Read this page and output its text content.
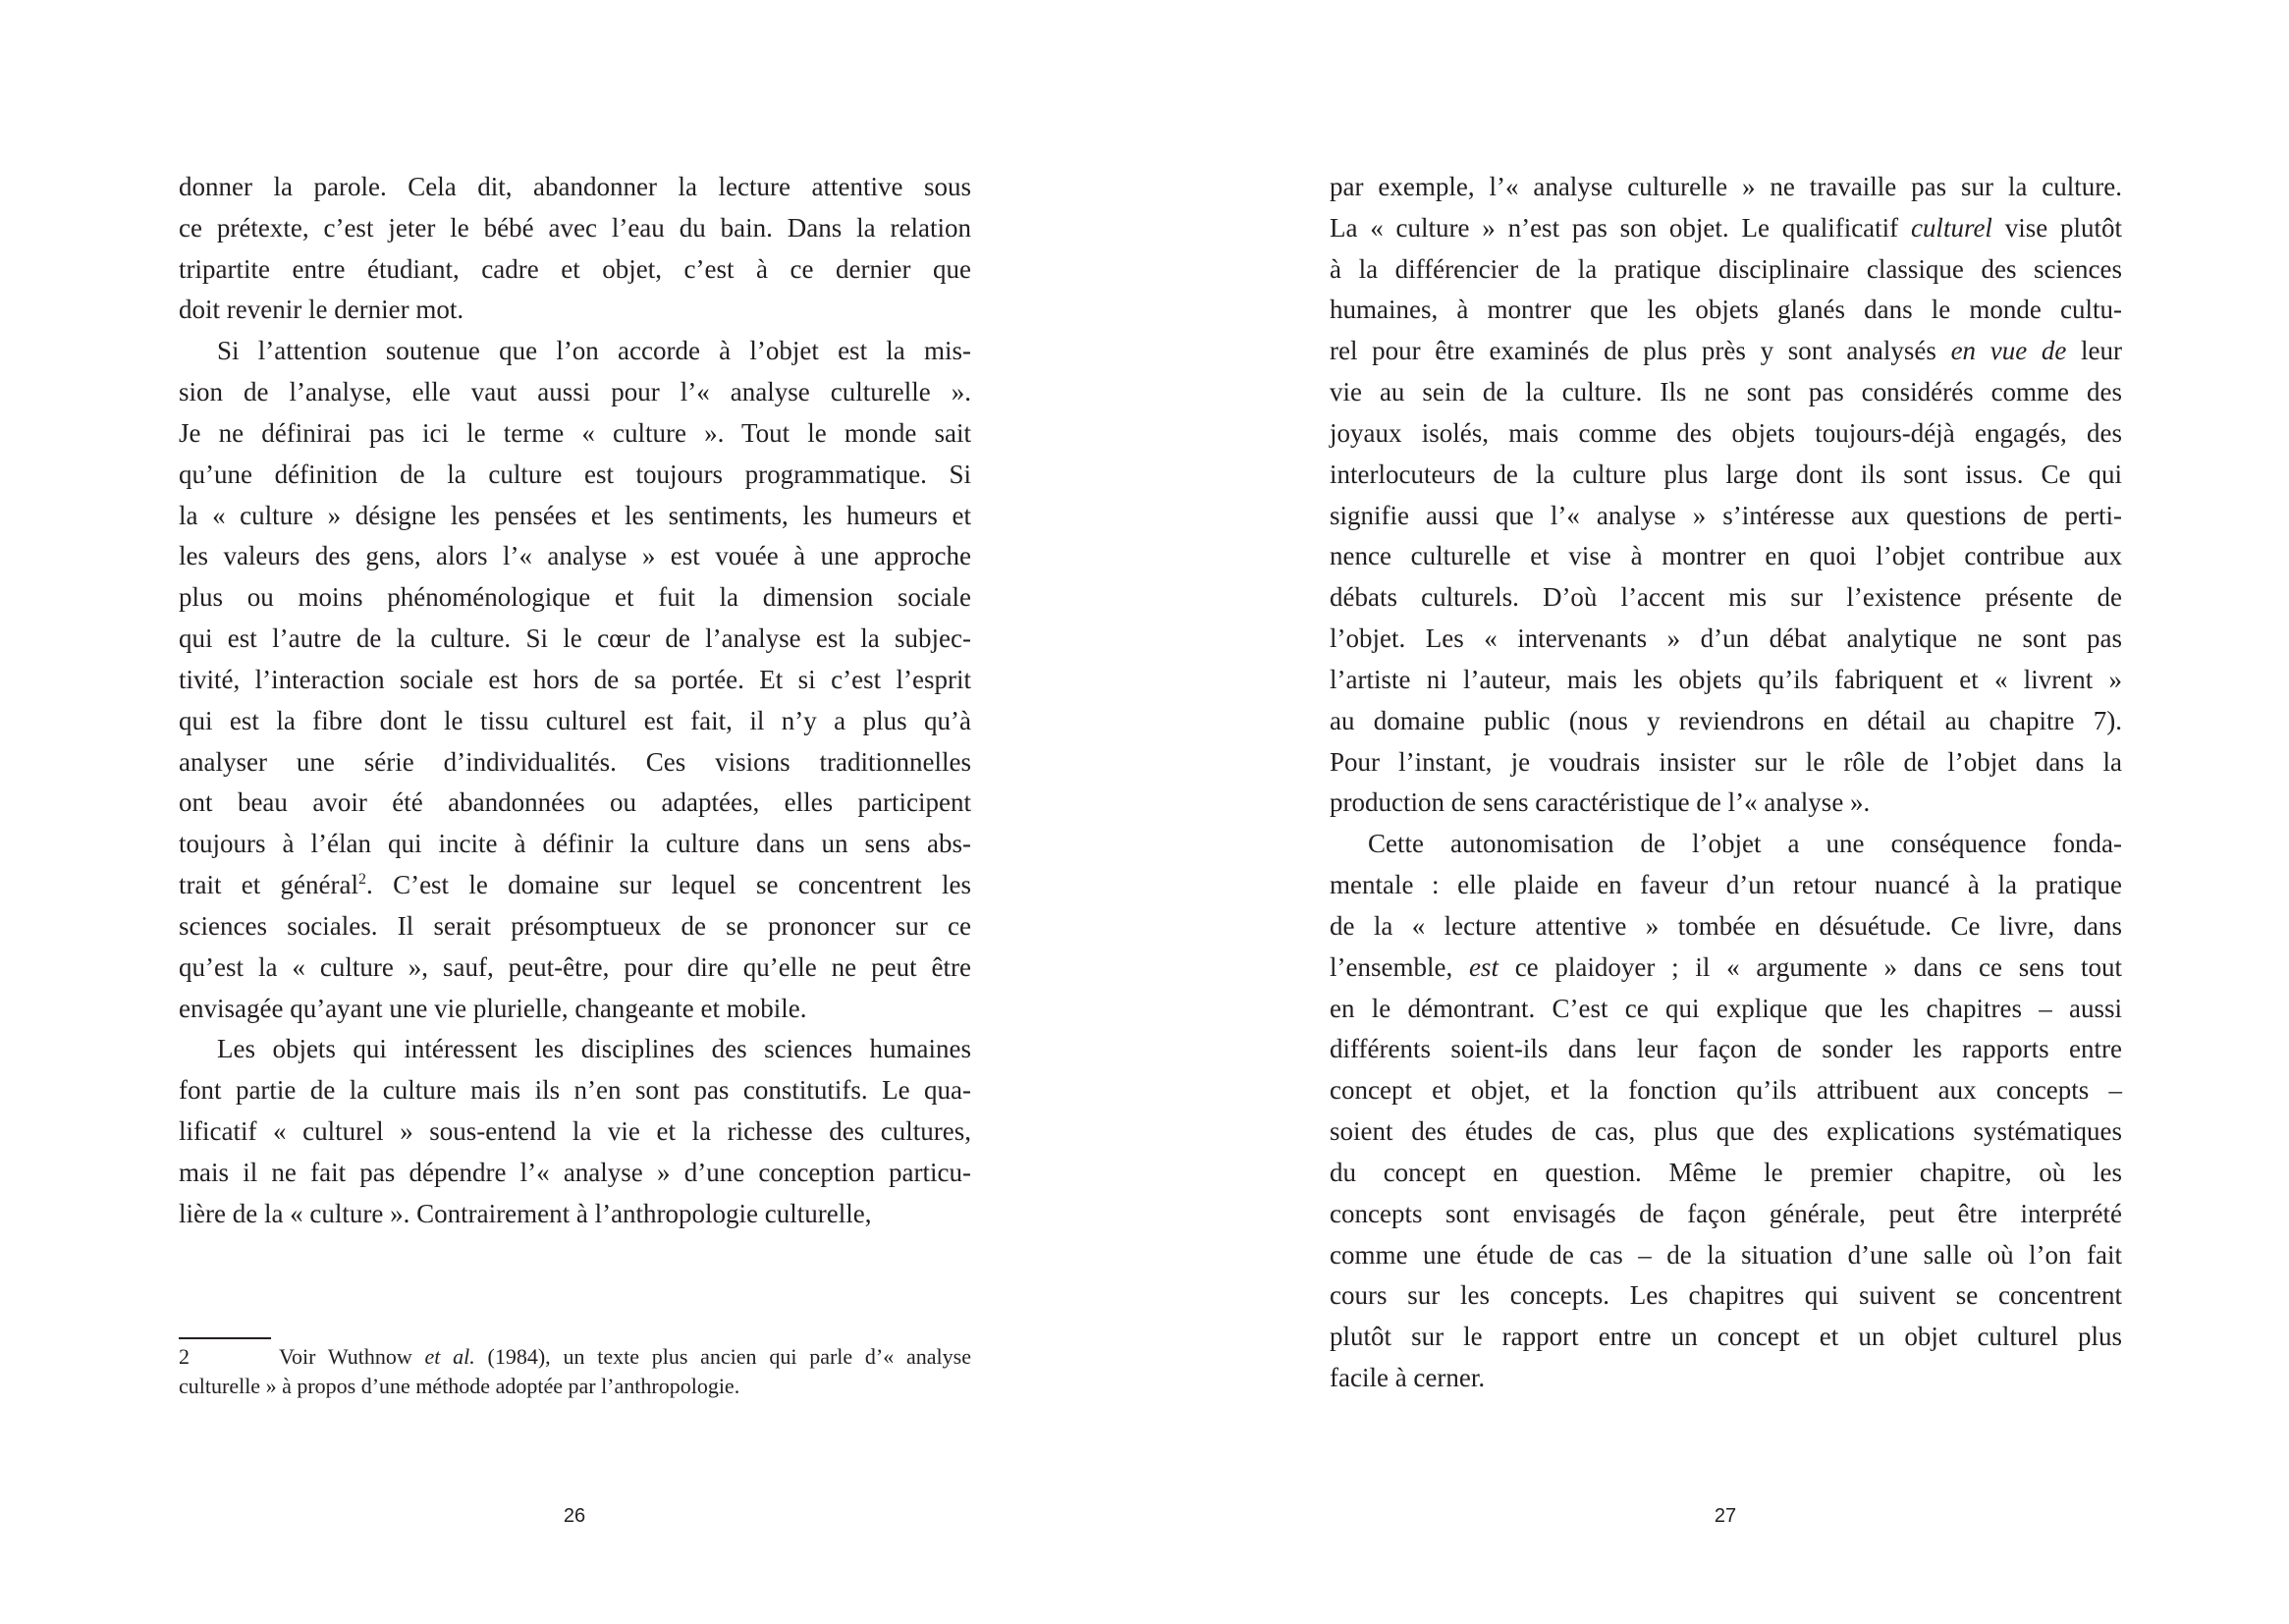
donner la parole. Cela dit, abandonner la lecture attentive sous
ce prétexte, c’est jeter le bébé avec l’eau du bain. Dans la relation
tripartite entre étudiant, cadre et objet, c’est à ce dernier que
doit revenir le dernier mot.
Si l’attention soutenue que l’on accorde à l’objet est la mis-
sion de l’analyse, elle vaut aussi pour l’« analyse culturelle ».
Je ne définirai pas ici le terme « culture ». Tout le monde sait
qu’une définition de la culture est toujours programmatique. Si
la « culture » désigne les pensées et les sentiments, les humeurs et
les valeurs des gens, alors l’« analyse » est vouée à une approche
plus ou moins phénoménologique et fuit la dimension sociale
qui est l’autre de la culture. Si le cœur de l’analyse est la subjec-
tivité, l’interaction sociale est hors de sa portée. Et si c’est l’esprit
qui est la fibre dont le tissu culturel est fait, il n’y a plus qu’à
analyser une série d’individualités. Ces visions traditionnelles
ont beau avoir été abandonnées ou adaptées, elles participent
toujours à l’élan qui incite à définir la culture dans un sens abs-
trait et général$^2$. C’est le domaine sur lequel se concentrent les
sciences sociales. Il serait présomptueux de se prononcer sur ce
qu’est la « culture », sauf, peut-être, pour dire qu’elle ne peut être
envisagée qu’ayant une vie plurielle, changeante et mobile.
Les objets qui intéressent les disciplines des sciences humaines
font partie de la culture mais ils n’en sont pas constitutifs. Le qua-
lificatif « culturel » sous-entend la vie et la richesse des cultures,
mais il ne fait pas dépendre l’« analyse » d’une conception particu-
lière de la « culture ». Contrairement à l’anthropologie culturelle,
2	Voir Wuthnow et al. (1984), un texte plus ancien qui parle d’« analyse
culturelle » à propos d’une méthode adoptée par l’anthropologie.
26
par exemple, l’« analyse culturelle » ne travaille pas sur la culture.
La « culture » n’est pas son objet. Le qualificatif culturel vise plutôt
à la différencier de la pratique disciplinaire classique des sciences
humaines, à montrer que les objets glanés dans le monde cultu-
rel pour être examinés de plus près y sont analysés en vue de leur
vie au sein de la culture. Ils ne sont pas considérés comme des
joyaux isolés, mais comme des objets toujours-déjà engagés, des
interlocuteurs de la culture plus large dont ils sont issus. Ce qui
signifie aussi que l’« analyse » s’intéresse aux questions de perti-
nence culturelle et vise à montrer en quoi l’objet contribue aux
débats culturels. D’où l’accent mis sur l’existence présente de
l’objet. Les « intervenants » d’un débat analytique ne sont pas
l’artiste ni l’auteur, mais les objets qu’ils fabriquent et « livrent »
au domaine public (nous y reviendrons en détail au chapitre 7).
Pour l’instant, je voudrais insister sur le rôle de l’objet dans la
production de sens caractéristique de l’« analyse ».
Cette autonomisation de l’objet a une conséquence fonda-
mentale : elle plaide en faveur d’un retour nuancé à la pratique
de la « lecture attentive » tombée en désuétude. Ce livre, dans
l’ensemble, est ce plaidoyer ; il « argumente » dans ce sens tout
en le démontrant. C’est ce qui explique que les chapitres – aussi
différents soient-ils dans leur façon de sonder les rapports entre
concept et objet, et la fonction qu’ils attribuent aux concepts –
soient des études de cas, plus que des explications systématiques
du concept en question. Même le premier chapitre, où les
concepts sont envisagés de façon générale, peut être interprété
comme une étude de cas – de la situation d’une salle où l’on fait
cours sur les concepts. Les chapitres qui suivent se concentrent
plutôt sur le rapport entre un concept et un objet culturel plus
facile à cerner.
27
